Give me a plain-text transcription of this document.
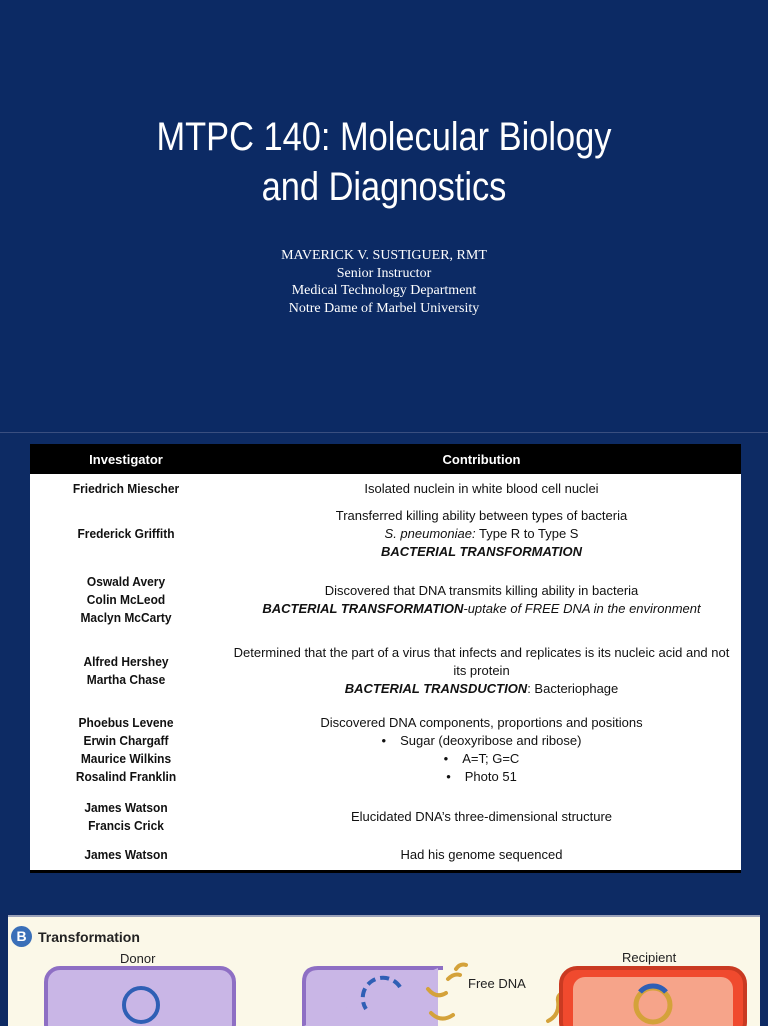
MTPC 140: Molecular Biology
and Diagnostics
MAVERICK V. SUSTIGUER, RMT
Senior Instructor
Medical Technology Department
Notre Dame of Marbel University
Investigator	Contribution

Friedrich Miescher	Isolated nuclein in white blood cell nuclei

Frederick Griffith	Transferred killing ability between types of bacteria
S. pneumoniae: Type R to Type S
BACTERIAL TRANSFORMATION

Oswald Avery
Colin McLeod
Maclyn McCarty	Discovered that DNA transmits killing ability in bacteria
BACTERIAL TRANSFORMATION-uptake of FREE DNA in the environment

Alfred Hershey
Martha Chase	Determined that the part of a virus that infects and replicates is its nucleic acid and not its protein
BACTERIAL TRANSDUCTION: Bacteriophage

Phoebus Levene
Erwin Chargaff
Maurice Wilkins
Rosalind Franklin	Discovered DNA components, proportions and positions
• Sugar (deoxyribose and ribose)
• A=T; G=C
• Photo 51

James Watson
Francis Crick	Elucidated DNA’s three-dimensional structure

James Watson	Had his genome sequenced
B Transformation
Donor
Free DNA
Recipient
